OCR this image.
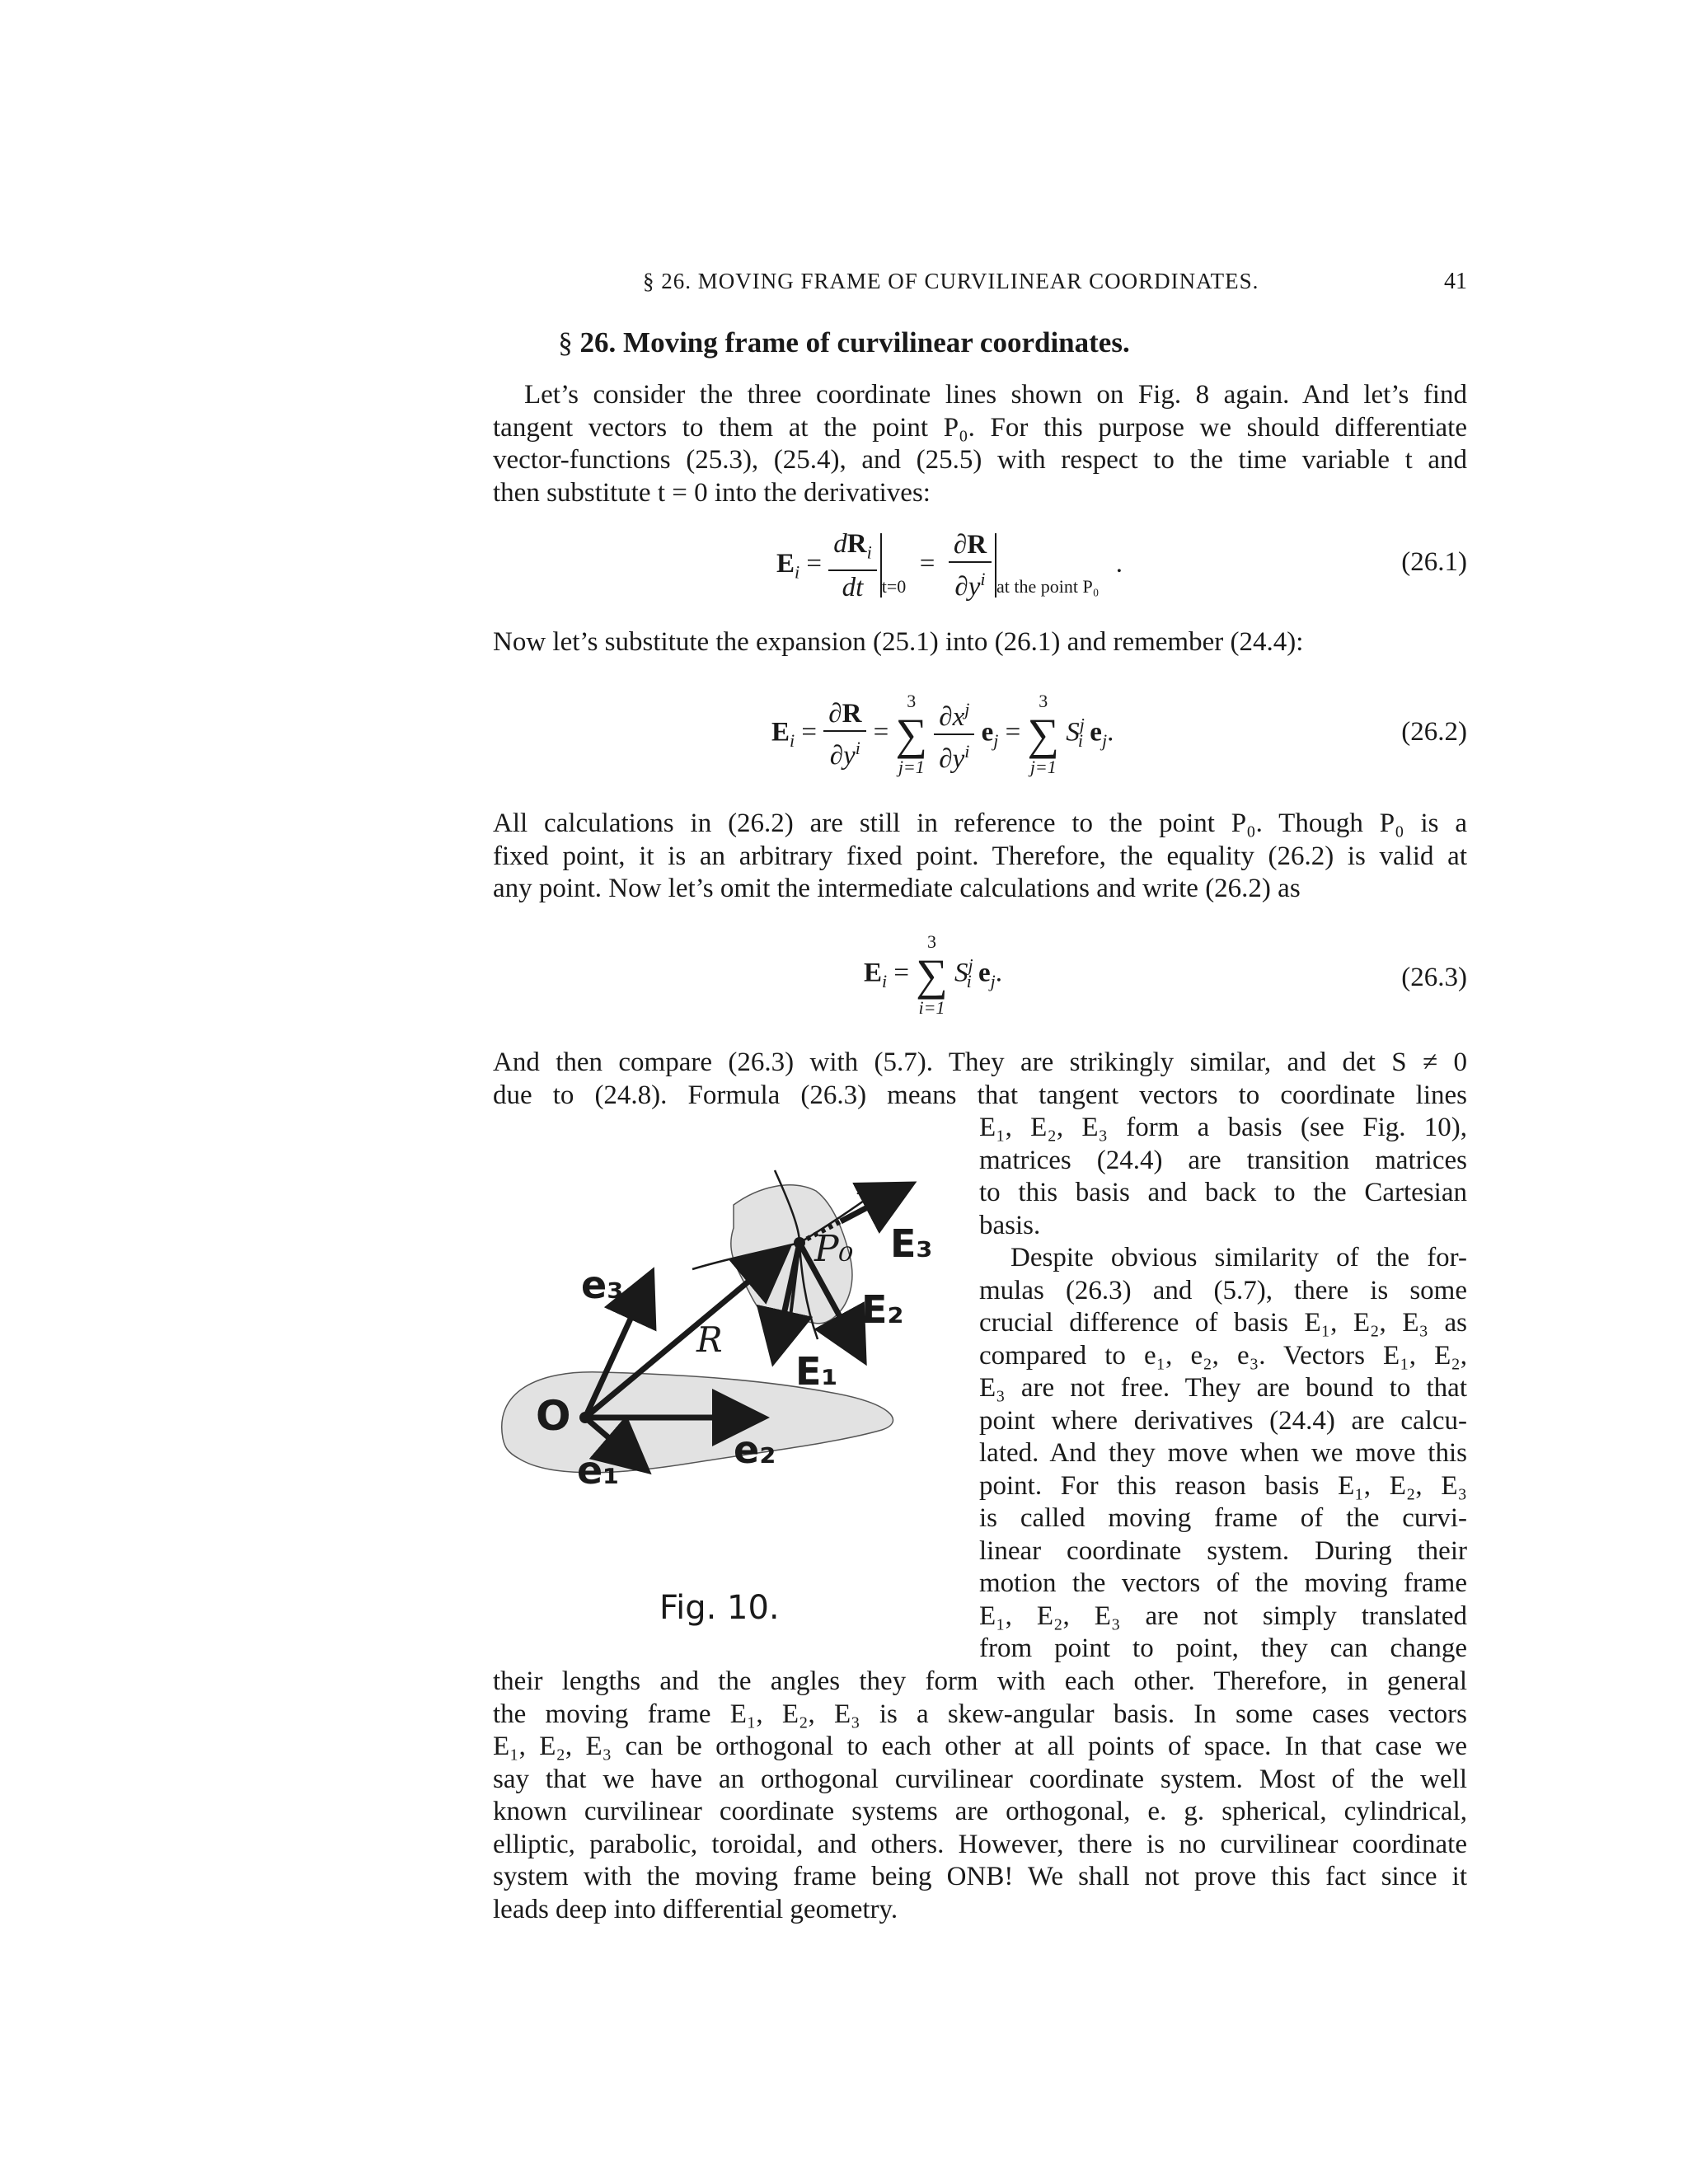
§ 26. MOVING FRAME OF CURVILINEAR COORDINATES.	41
§ 26. Moving frame of curvilinear coordinates.
Let’s consider the three coordinate lines shown on Fig. 8 again. And let’s find
tangent vectors to them at the point P₀. For this purpose we should differentiate
vector-functions (25.3), (25.4), and (25.5) with respect to the time variable t and
then substitute t = 0 into the derivatives:
$E_i = \frac{dR_i}{dt} _{t=0} = \frac{\partial R}{\partial y^i} _{at the point P_0}$ .	(26.1)

Now let’s substitute the expansion (25.1) into (26.1) and remember (24.4):

$E_i = \frac{\partial R}{\partial y^i}$ =
3
∑
j=1
$\frac{\partial x^j}{\partial y^i} e_j$ =
3
∑
j=1
$S^j_i$ $e_j$.	(26.2)
All calculations in (26.2) are still in reference to the point P₀. Though P₀ is a
fixed point, it is an arbitrary fixed point. Therefore, the equality (26.2) is valid at
any point. Now let’s omit the intermediate calculations and write (26.2) as
$E_i$ =
3
∑
i=1
$S^j_i$ $e_j$.	(26.3)
And then compare (26.3) with (5.7). They are strikingly similar, and det S ≠ 0
due to (24.8). Formula (26.3) means that tangent vectors to coordinate lines
E₁, E₂, E₃ form a basis (see Fig. 10),
matrices (24.4) are transition matrices
to this basis and back to the Cartesian
basis.
Despite obvious similarity of the for-
mulas (26.3) and (5.7), there is some
crucial difference of basis E₁, E₂, E₃ as
compared to e₁, e₂, e₃. Vectors E₁, E₂,
E₃ are not free. They are bound to that
point where derivatives (24.4) are calcu-
lated. And they move when we move this
point. For this reason basis E₁, E₂, E₃
is called moving frame of the curvi-
linear coordinate system. During their
motion the vectors of the moving frame
E₁, E₂, E₃ are not simply translated
from point to point, they can change
O
e₁	e₂
e₃
R
P₀
E₁
E₂
E₃
Fig. 10.
their lengths and the angles they form with each other. Therefore, in general
the moving frame E₁, E₂, E₃ is a skew-angular basis. In some cases vectors
E₁, E₂, E₃ can be orthogonal to each other at all points of space. In that case we
say that we have an orthogonal curvilinear coordinate system. Most of the well
known curvilinear coordinate systems are orthogonal, e. g. spherical, cylindrical,
elliptic, parabolic, toroidal, and others. However, there is no curvilinear coordinate
system with the moving frame being ONB! We shall not prove this fact since it
leads deep into differential geometry.
